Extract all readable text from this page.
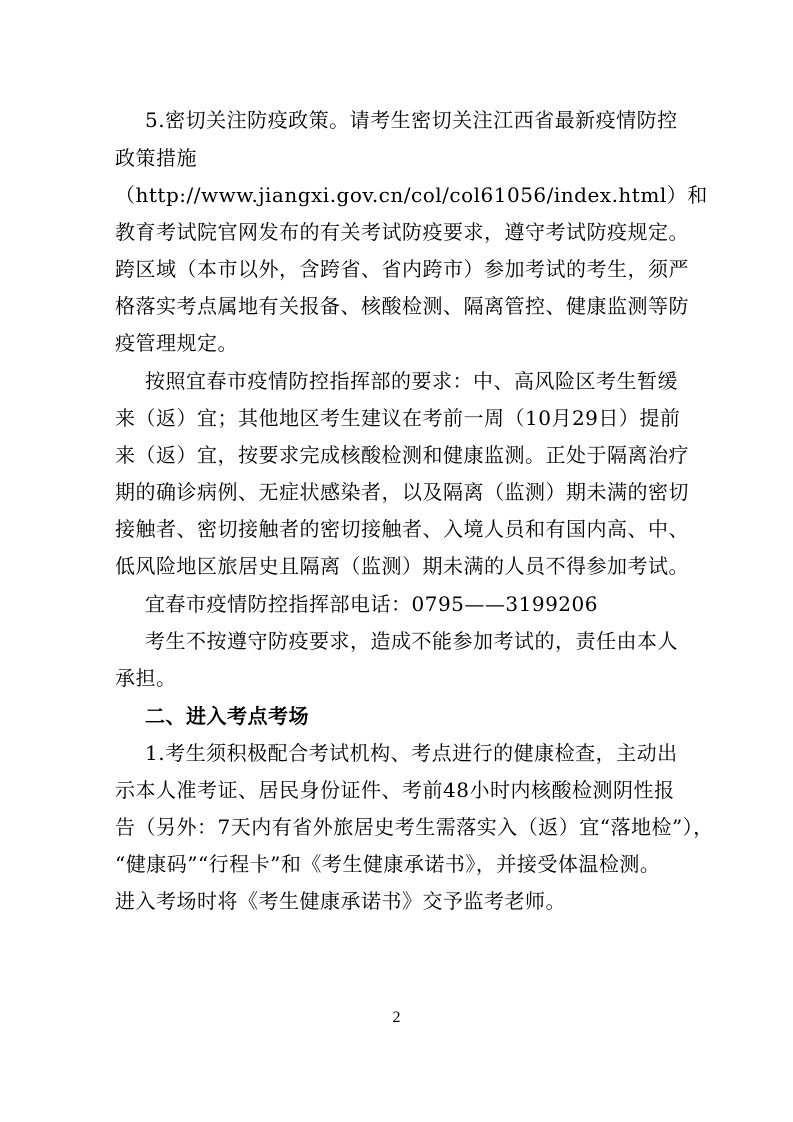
5.密切关注防疫政策。请考生密切关注江西省最新疫情防控
政策措施
（http://www.jiangxi.gov.cn/col/col61056/index.html）和
教育考试院官网发布的有关考试防疫要求，遵守考试防疫规定。
跨区域（本市以外，含跨省、省内跨市）参加考试的考生，须严
格落实考点属地有关报备、核酸检测、隔离管控、健康监测等防
疫管理规定。
按照宜春市疫情防控指挥部的要求：中、高风险区考生暂缓
来（返）宜；其他地区考生建议在考前一周（10月29日）提前
来（返）宜，按要求完成核酸检测和健康监测。正处于隔离治疗
期的确诊病例、无症状感染者，以及隔离（监测）期未满的密切
接触者、密切接触者的密切接触者、入境人员和有国内高、中、
低风险地区旅居史且隔离（监测）期未满的人员不得参加考试。
宜春市疫情防控指挥部电话：0795——3199206
考生不按遵守防疫要求，造成不能参加考试的，责任由本人
承担。
二、进入考点考场
1.考生须积极配合考试机构、考点进行的健康检查，主动出
示本人准考证、居民身份证件、考前48小时内核酸检测阴性报
告（另外：7天内有省外旅居史考生需落实入（返）宜“落地检”），
“健康码”“行程卡”和《考生健康承诺书》，并接受体温检测。
进入考场时将《考生健康承诺书》交予监考老师。
2
